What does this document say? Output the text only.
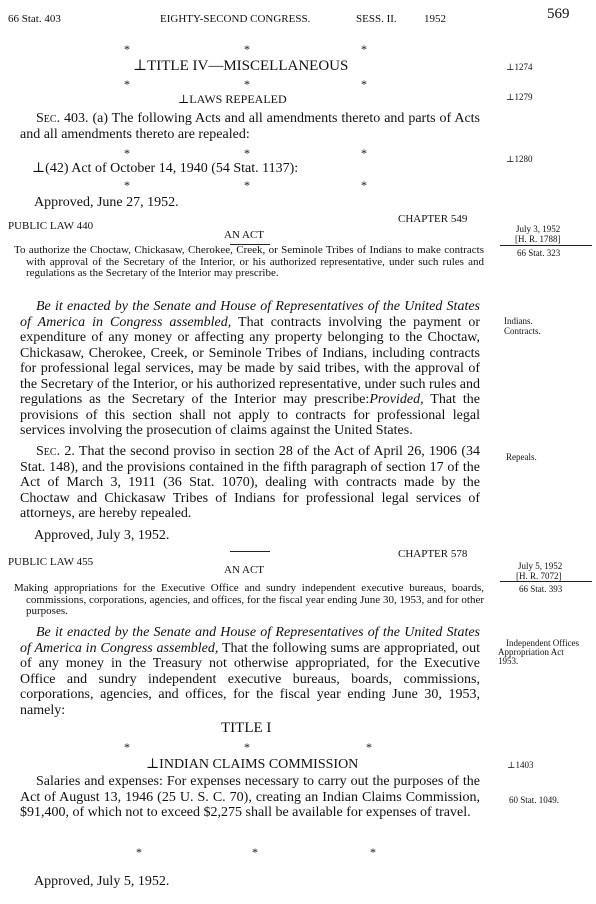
66 Stat. 403	EIGHTY-SECOND CONGRESS.	SESS. II. 1952	569
*	*	*
⊥TITLE IV—MISCELLANEOUS	⊥1274
*	*	*
⊥LAWS REPEALED	⊥1279

Sec. 403. (a) The following Acts and all amendments thereto and parts of Acts and all amendments thereto are repealed:

*	*	*
⊥(42) Act of October 14, 1940 (54 Stat. 1137):
⊥1280
*	*	*
Approved, June 27, 1952.
PUBLIC LAW 440
CHAPTER 549
AN ACT	July 3, 1952
[H. R. 1788]
66 Stat. 323

To authorize the Choctaw, Chickasaw, Cherokee, Creek, or Seminole Tribes of Indians to make contracts with approval of the Secretary of the Interior, or his authorized representative, under such rules and regulations as the Secretary of the Interior may prescribe.

Be it enacted by the Senate and House of Representatives of the United States of America in Congress assembled, That contracts involving the payment or expenditure of any money or affecting any property belonging to the Choctaw, Chickasaw, Cherokee, Creek, or Seminole Tribes of Indians, including contracts for professional legal services, may be made by said tribes, with the approval of the Secretary of the Interior, or his authorized representative, under such rules and regulations as the Secretary of the Interior may prescribe:Provided, That the provisions of this section shall not apply to contracts for professional legal services involving the prosecution of claims against the United States.

Indians.
Contracts.

Sec. 2. That the second proviso in section 28 of the Act of April 26, 1906 (34 Stat. 148), and the provisions contained in the fifth paragraph of section 17 of the Act of March 3, 1911 (36 Stat. 1070), dealing with contracts made by the Choctaw and Chickasaw Tribes of Indians for professional legal services of attorneys, are hereby repealed.

Repeals.
Approved, July 3, 1952.
PUBLIC LAW 455
CHAPTER 578
AN ACT	July 5, 1952
[H. R. 7072]
66 Stat. 393

Making appropriations for the Executive Office and sundry independent executive bureaus, boards, commissions, corporations, agencies, and offices, for the fiscal year ending June 30, 1953, and for other purposes.

Be it enacted by the Senate and House of Representatives of the United States of America in Congress assembled, That the following sums are appropriated, out of any money in the Treasury not otherwise appropriated, for the Executive Office and sundry independent executive bureaus, boards, commissions, corporations, agencies, and offices, for the fiscal year ending June 30, 1953, namely:

Independent Offices
Appropriation Act
1953.
TITLE I
*	*	*
⊥INDIAN CLAIMS COMMISSION	⊥1403

Salaries and expenses: For expenses necessary to carry out the purposes of the Act of August 13, 1946 (25 U. S. C. 70), creating an Indian Claims Commission, $91,400, of which not to exceed $2,275 shall be available for expenses of travel.

60 Stat. 1049.
*	*	*
Approved, July 5, 1952.
